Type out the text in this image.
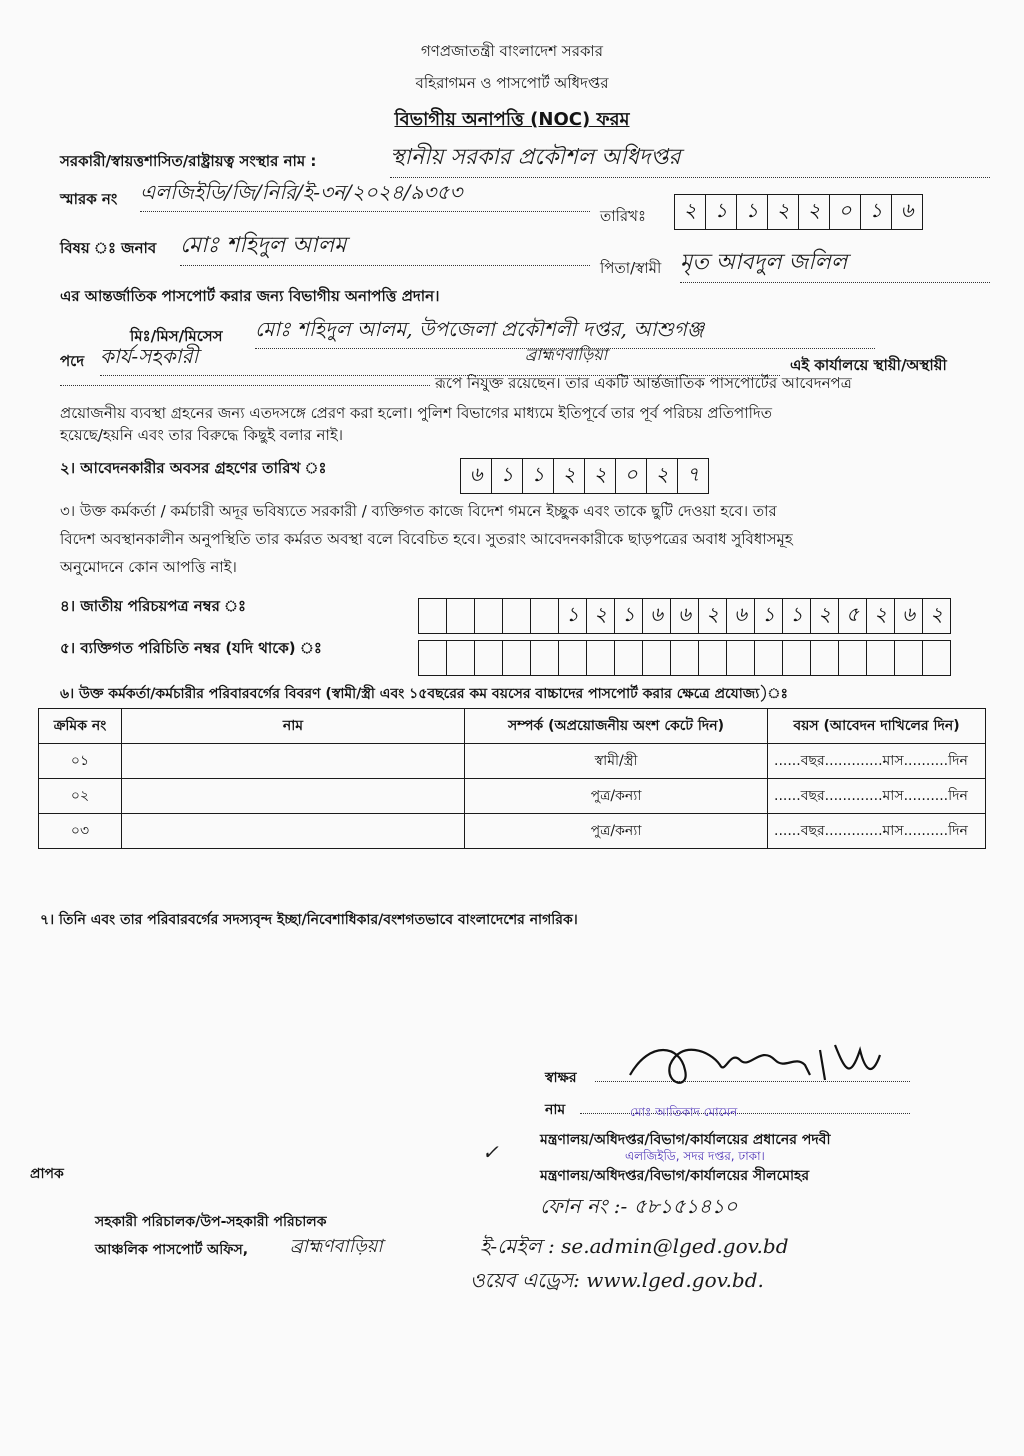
গণপ্রজাতন্ত্রী বাংলাদেশ সরকার
বহিরাগমন ও পাসপোর্ট অধিদপ্তর
বিভাগীয় অনাপত্তি (NOC) ফরম
সরকারী/স্বায়ত্তশাসিত/রাষ্ট্রায়ত্ব সংস্থার নাম :	স্থানীয় সরকার প্রকৌশল অধিদপ্তর
স্মারক নং এলজিইডি/জি/নিরি/ই-৩ন/২০২৪/৯৩৫৩
তারিখঃ	২ ১ ১ ২ ২ ০ ১ ৬
বিষয় ঃ জনাব মোঃ শহিদুল আলম
পিতা/স্বামী মৃত আবদুল জলিল
এর আন্তর্জাতিক পাসপোর্ট করার জন্য বিভাগীয় অনাপত্তি প্রদান।
মিঃ/মিস/মিসেস মোঃ শহিদুল আলম, উপজেলা প্রকৌশলী দপ্তর, আশুগঞ্জ
ব্রাহ্মণবাড়িয়া
পদে কার্য-সহকারী	এই কার্যালয়ে স্থায়ী/অস্থায়ী
রূপে নিযুক্ত রয়েছেন। তার একটি আর্ন্তজাতিক পাসপোর্টের আবেদনপত্র
প্রয়োজনীয় ব্যবস্থা গ্রহনের জন্য এতদসঙ্গে প্রেরণ করা হলো। পুলিশ বিভাগের মাধ্যমে ইতিপূর্বে তার পূর্ব পরিচয় প্রতিপাদিত
হয়েছে/হয়নি এবং তার বিরুদ্ধে কিছুই বলার নাই।
২। আবেদনকারীর অবসর গ্রহণের তারিখ ঃ	৬ ১ ১ ২ ২ ০ ২ ৭
৩। উক্ত কর্মকর্তা / কর্মচারী অদূর ভবিষ্যতে সরকারী / ব্যক্তিগত কাজে বিদেশ গমনে ইচ্ছুক এবং তাকে ছুটি দেওয়া হবে। তার
বিদেশ অবস্থানকালীন অনুপস্থিতি তার কর্মরত অবস্থা বলে বিবেচিত হবে। সুতরাং আবেদনকারীকে ছাড়পত্রের অবাধ সুবিধাসমূহ
অনুমোদনে কোন আপত্তি নাই।
৪। জাতীয় পরিচয়পত্র নম্বর ঃ	১ ২ ১ ৬ ৬ ২ ৬ ১ ১ ২ ৫ ২ ৬ ২
৫। ব্যক্তিগত পরিচিতি নম্বর (যদি থাকে) ঃ
৬। উক্ত কর্মকর্তা/কর্মচারীর পরিবারবর্গের বিবরণ (স্বামী/স্ত্রী এবং ১৫বছরের কম বয়সের বাচ্চাদের পাসপোর্ট করার ক্ষেত্রে প্রযোজ্য)ঃ
ক্রমিক নং	নাম	সম্পর্ক (অপ্রয়োজনীয় অংশ কেটে দিন)	বয়স (আবেদন দাখিলের দিন)
০১		স্বামী/স্ত্রী	......বছর.............মাস..........দিন
০২		পুত্র/কন্যা	......বছর.............মাস..........দিন
০৩		পুত্র/কন্যা	......বছর.............মাস..........দিন
৭। তিনি এবং তার পরিবারবর্গের সদস্যবৃন্দ ইচ্ছা/নিবেশাধিকার/বংশগতভাবে বাংলাদেশের নাগরিক।
স্বাক্ষর
নাম	মোঃ আতিকাদ মোমেন
মন্ত্রণালয়/অধিদপ্তর/বিভাগ/কার্যালয়ের প্রধানের পদবী
এলজিইডি, সদর দপ্তর, ঢাকা।
✓
মন্ত্রণালয়/অধিদপ্তর/বিভাগ/কার্যালয়ের সীলমোহর
ফোন নং :- ৫৮১৫১৪১০
ই-মেইল : se.admin@lged.gov.bd
ওয়েব এড্রেস: www.lged.gov.bd.
প্রাপক
সহকারী পরিচালক/উপ-সহকারী পরিচালক
আঞ্চলিক পাসপোর্ট অফিস, ব্রাহ্মণবাড়িয়া
